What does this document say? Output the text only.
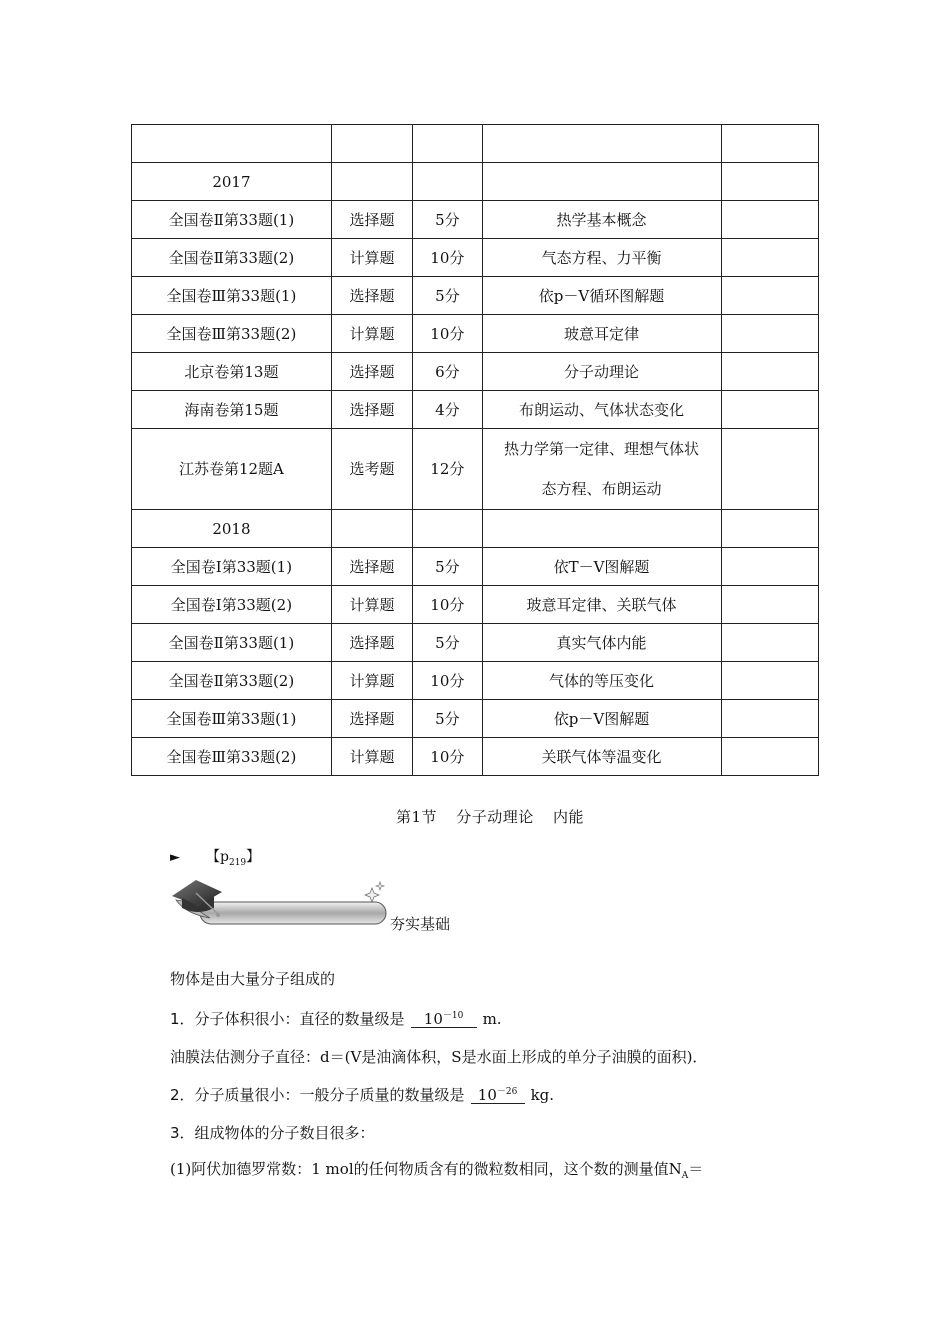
2017				
全国卷Ⅱ第33题(1)	选择题	5分	热学基本概念	
全国卷Ⅱ第33题(2)	计算题	10分	气态方程、力平衡	
全国卷Ⅲ第33题(1)	选择题	5分	依p－V循环图解题	
全国卷Ⅲ第33题(2)	计算题	10分	玻意耳定律	
北京卷第13题	选择题	6分	分子动理论	
海南卷第15题	选择题	4分	布朗运动、气体状态变化	
江苏卷第12题A	选考题	12分	热力学第一定律、理想气体状
态方程、布朗运动	

2018				
全国卷Ⅰ第33题(1)	选择题	5分	依T－V图解题	
全国卷Ⅰ第33题(2)	计算题	10分	玻意耳定律、关联气体	
全国卷Ⅱ第33题(1)	选择题	5分	真实气体内能	
全国卷Ⅱ第33题(2)	计算题	10分	气体的等压变化	
全国卷Ⅲ第33题(1)	选择题	5分	依p－V图解题	
全国卷Ⅲ第33题(2)	计算题	10分	关联气体等温变化	
第1节 分子动理论 内能
► 【$p_{219}$】
夯实基础
物体是由大量分子组成的
1．分子体积很小：直径的数量级是 $10^{-10}$ m.
油膜法估测分子直径：d＝(V是油滴体积，S是水面上形成的单分子油膜的面积)．
2．分子质量很小：一般分子质量的数量级是 $10^{-26}$ kg.
3．组成物体的分子数目很多：
(1)阿伏加德罗常数：1 mol的任何物质含有的微粒数相同，这个数的测量值$N_A=$
